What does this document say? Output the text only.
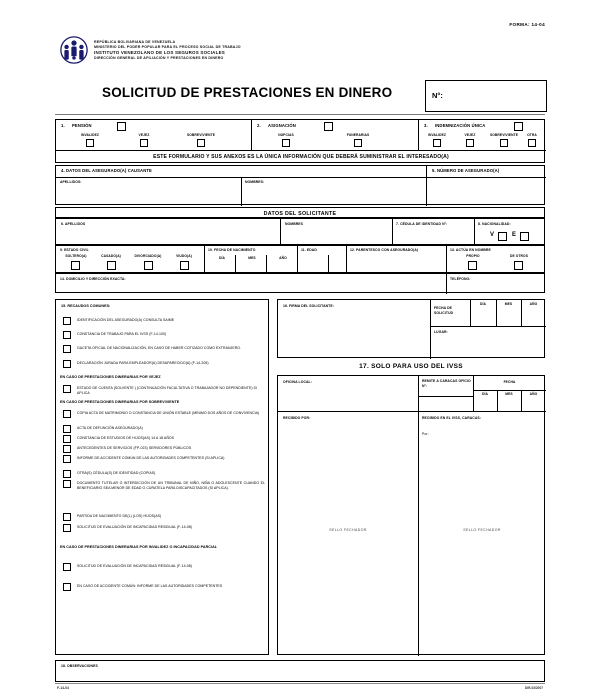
FORMA: 14-04
REPÚBLICA BOLIVARIANA DE VENEZUELA
MINISTERIO DEL PODER POPULAR PARA EL PROCESO SOCIAL DE TRABAJO
INSTITUTO VENEZOLANO DE LOS SEGUROS SOCIALES
DIRECCIÓN GENERAL DE AFILIACIÓN Y PRESTACIONES EN DINERO
SOLICITUD DE PRESTACIONES EN DINERO	N°:
1. PENSIÓN
INVALIDEZ	VEJEZ	SOBREVIVIENTE
2. ASIGNACIÓN
NUPCIAS	FUNERARIAS
3. INDEMNIZACIÓN ÚNICA
INVALIDEZ	VEJEZ	SOBREVIVIENTE	OTRA
ESTE FORMULARIO Y SUS ANEXOS ES LA ÚNICA INFORMACIÓN QUE DEBERÁ SUMINISTRAR EL INTERESADO(A)
4. DATOS DEL ASEGURADO(A) CAUSANTE	5. NÚMERO DE ASEGURADO(A)
APELLIDOS:	NOMBRES:
DATOS DEL SOLICITANTE
6. APELLIDOS	NOMBRES	7. CÉDULA DE IDENTIDAD N°:	8. NACIONALIDAD:
V	E
9. ESTADO CIVIL
SOLTERO(A)	CASADO(A)	DIVORCIADO(A)	VIUDO(A)
10. FECHA DE NACIMIENTO
DÍA	MES	AÑO
11. EDAD	12. PARENTESCO CON ASEGURADO(A)	13. ACTÚA EN NOMBRE
PROPIO	DE OTROS
14. DOMICILIO Y DIRECCIÓN EXACTA:	TELÉFONO:
15. RECAUDOS COMUNES:
IDENTIFICACIÓN DEL ASEGURADO(A) CONSULTA SAIME
CONSTANCIA DE TRABAJO PARA EL IVSS (F-14-100)
GACETA OFICIAL DE NACIONALIZACIÓN, EN CASO DE HABER COTIZADO COMO EXTRANJERO.
DECLARACIÓN JURADA PARA EMPLEADOR(A) DESAPARECIDO(A) (F-14-205)
EN CASO DE PRESTACIONES DINERARIAS POR VEJEZ
ESTADO DE CUENTA (SOLVENTE ) (CONTINUACIÓN FACULTATIVA O TRABAJADOR NO DEPENDIENTE) SI APLICA
EN CASO DE PRESTACIONES DINERARIAS POR SOBREVIVIENTE
COPIA ACTA DE MATRIMONIO O CONSTANCIA DE UNIÓN ESTABLE (MÍNIMO DOS AÑOS DE CONVIVENCIA)
ACTA DE DEFUNCIÓN ASEGURADO(A)
CONSTANCIA DE ESTUDIOS DE HIJOS(AS) 14 A 18 AÑOS
ANTECEDENTES DE SERVICIOS (FP-023) SERVIDORES PÚBLICOS
INFORME DE ACCIDENTE COMÚN DE LAS AUTORIDADES COMPETENTES (SI APLICA)
OTRA(S) CÉDULA(S) DE IDENTIDAD (COPIAS)
DOCUMENTO TUTELAR O INTERDICCIÓN DE UN TRIBUNAL DE NIÑO, NIÑA O ADOLESCENTE CUANDO EL BENEFICIARIO SEA MENOR DE EDAD O CURATELA PARA DISCAPACITADOS (SI APLICA).
PARTIDA DE NACIMIENTO DE(L) (LOS) HIJOS(AS)
SOLICITUD DE EVALUACIÓN DE INCAPACIDAD RESIDUAL (F-14-08)
EN CASO DE PRESTACIONES DINERARIAS POR INVALIDEZ O INCAPACIDAD PARCIAL
SOLICITUD DE EVALUACIÓN DE INCAPACIDAD RESIDUAL (F-14-08)
EN CASO DE ACCIDENTE COMÚN: INFORME DE LAS AUTORIDADES COMPETENTES
16. FIRMA DEL SOLICITANTE:	FECHA DE SOLICITUD
DÍA	MES	AÑO
LUGAR:
17. SOLO PARA USO DEL IVSS
OFICINA LOCAL:	REMITE A CARACAS OFICIO N°:
FECHA
DÍA	MES	AÑO
RECIBIDO POR:	RECIBIDO EN EL IVSS, CARACAS:
Por:
SELLO FECHADOR	SELLO FECHADOR
18. OBSERVACIONES
F-14-04	DIR-03/2007
